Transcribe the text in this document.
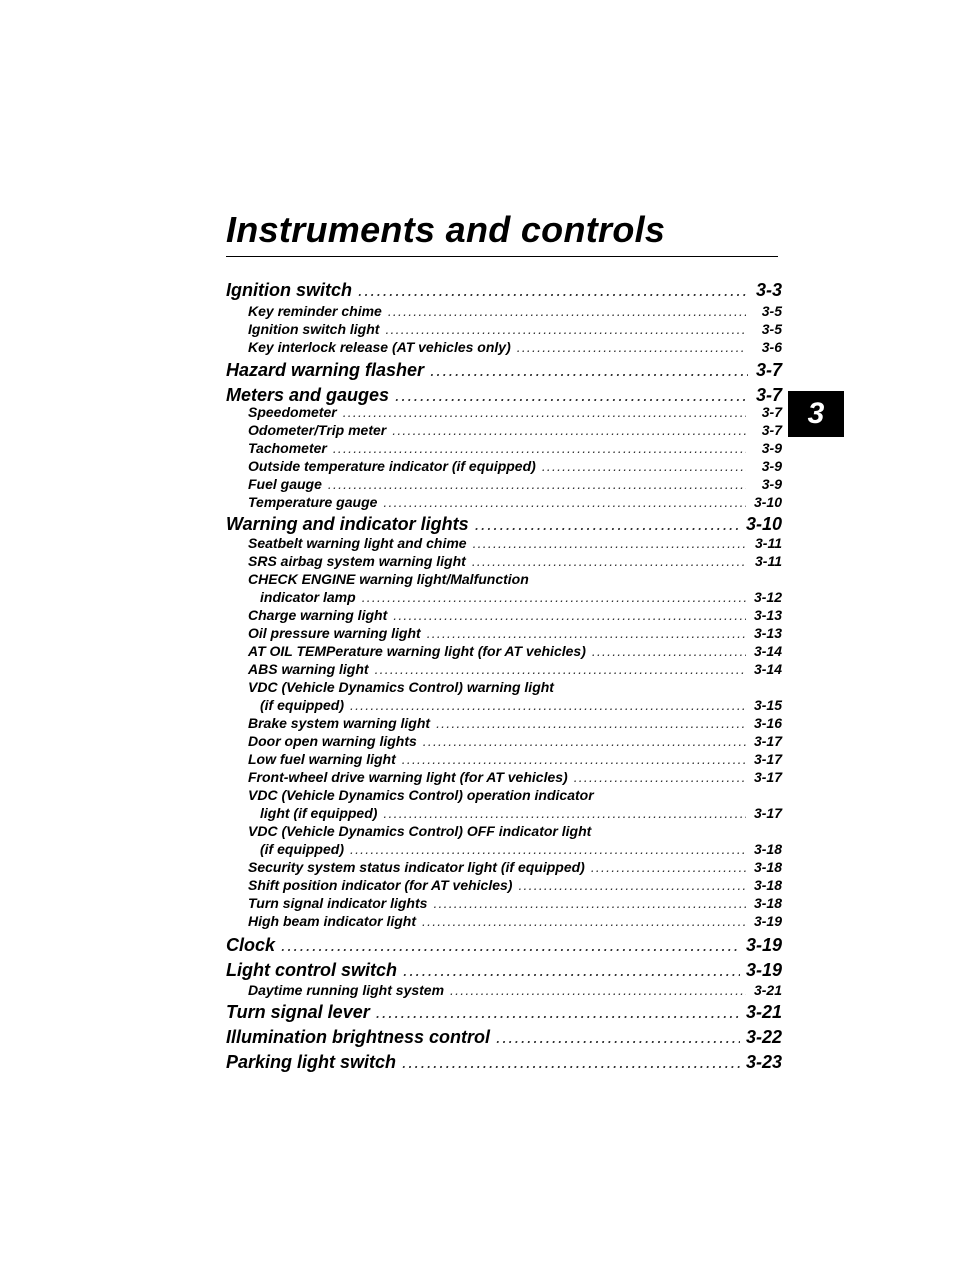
Instruments and controls
3
Ignition switch .....	3-3
Key reminder chime .....	3-5
Ignition switch light .....	3-5
Key interlock release (AT vehicles only) .....	3-6
Hazard warning flasher .....	3-7
Meters and gauges .....	3-7
Speedometer .....	3-7
Odometer/Trip meter .....	3-7
Tachometer .....	3-9
Outside temperature indicator (if equipped) .....	3-9
Fuel gauge .....	3-9
Temperature gauge .....	3-10
Warning and indicator lights .....	3-10
Seatbelt warning light and chime .....	3-11
SRS airbag system warning light .....	3-11
CHECK ENGINE warning light/Malfunction
indicator lamp .....	3-12
Charge warning light .....	3-13
Oil pressure warning light .....	3-13
AT OIL TEMPerature warning light (for AT vehicles) .....	3-14
ABS warning light .....	3-14
VDC (Vehicle Dynamics Control) warning light
(if equipped) .....	3-15
Brake system warning light .....	3-16
Door open warning lights .....	3-17
Low fuel warning light .....	3-17
Front-wheel drive warning light (for AT vehicles) .....	3-17
VDC (Vehicle Dynamics Control) operation indicator
light (if equipped) .....	3-17
VDC (Vehicle Dynamics Control) OFF indicator light
(if equipped) .....	3-18
Security system status indicator light (if equipped) .....	3-18
Shift position indicator (for AT vehicles) .....	3-18
Turn signal indicator lights .....	3-18
High beam indicator light .....	3-19
Clock .....	3-19
Light control switch .....	3-19
Daytime running light system .....	3-21
Turn signal lever .....	3-21
Illumination brightness control .....	3-22
Parking light switch .....	3-23
